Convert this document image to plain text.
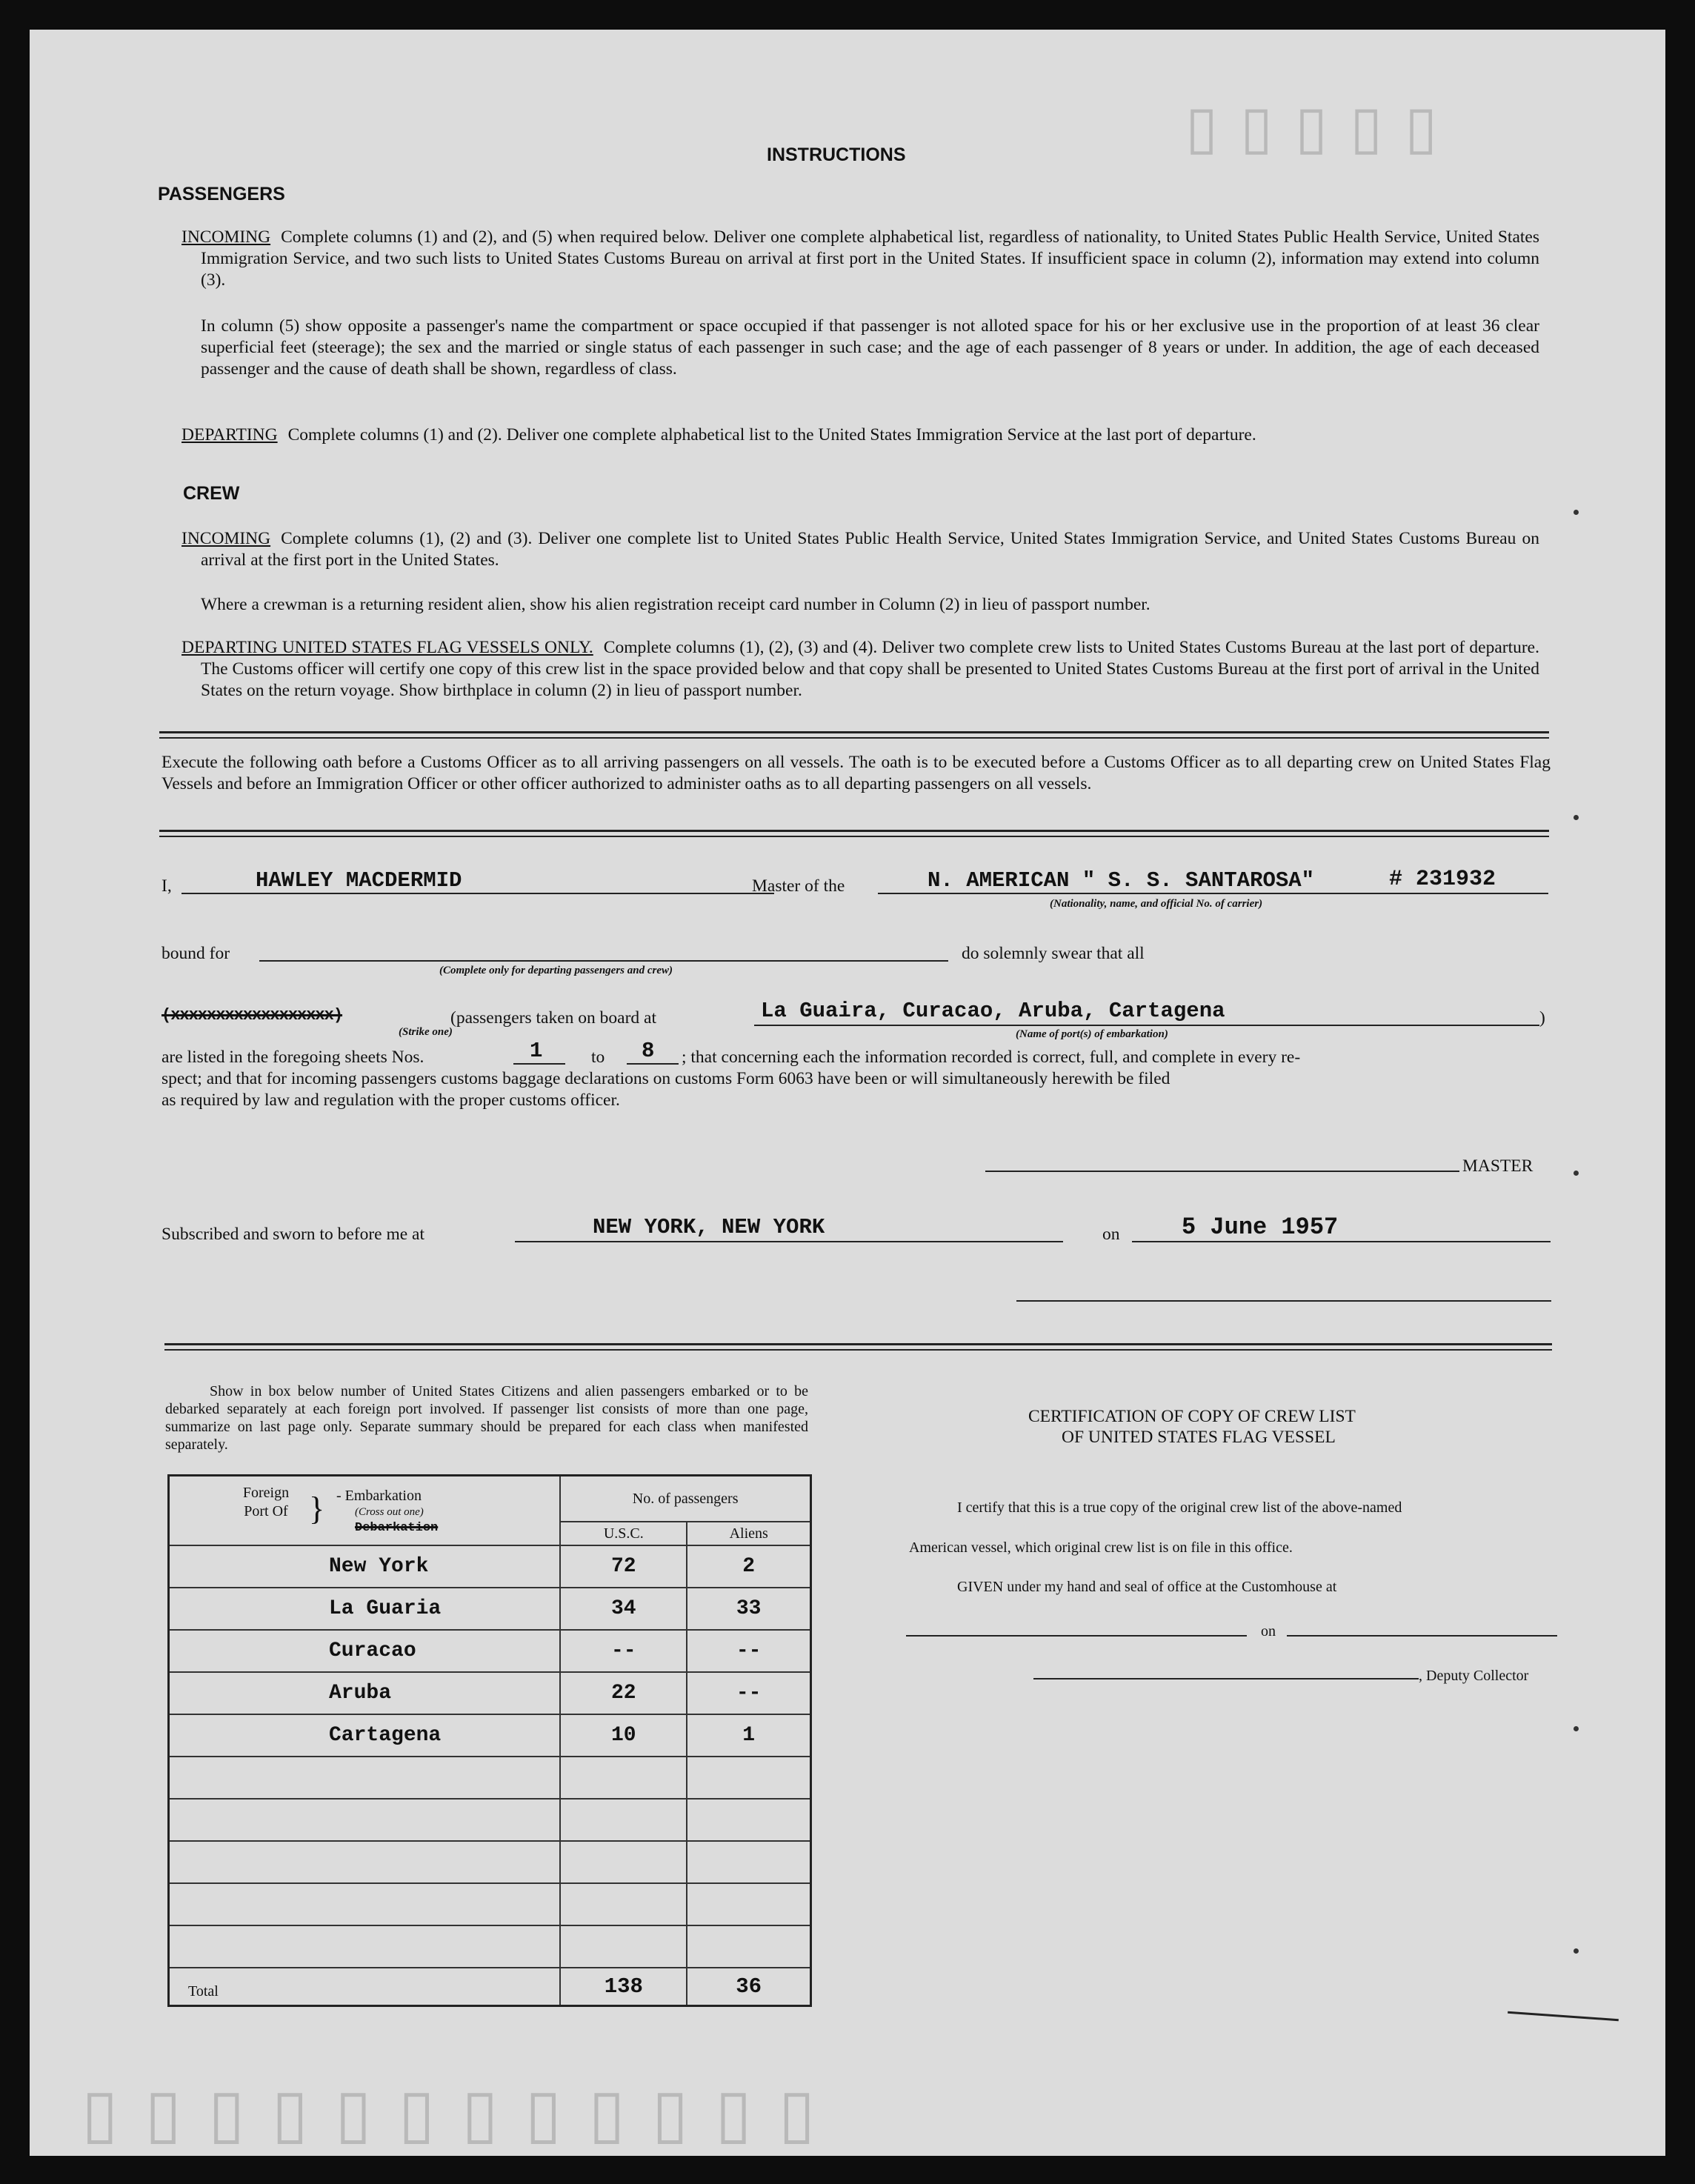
▯▯▯▯▯
▯▯▯▯▯▯▯▯▯▯▯▯
INSTRUCTIONS
PASSENGERS
INCOMING Complete columns (1) and (2), and (5) when required below. Deliver one complete alphabetical list, regardless of nationality, to United States Public Health Service, United States Immigration Service, and two such lists to United States Customs Bureau on arrival at first port in the United States. If insufficient space in column (2), information may extend into column (3).
In column (5) show opposite a passenger's name the compartment or space occupied if that passenger is not alloted space for his or her exclusive use in the proportion of at least 36 clear superficial feet (steerage); the sex and the married or single status of each passenger in such case; and the age of each passenger of 8 years or under. In addition, the age of each deceased passenger and the cause of death shall be shown, regardless of class.
DEPARTING Complete columns (1) and (2). Deliver one complete alphabetical list to the United States Immigration Service at the last port of departure.
CREW
INCOMING Complete columns (1), (2) and (3). Deliver one complete list to United States Public Health Service, United States Immigration Service, and United States Customs Bureau on arrival at the first port in the United States.
Where a crewman is a returning resident alien, show his alien registration receipt card number in Column (2) in lieu of passport number.
DEPARTING UNITED STATES FLAG VESSELS ONLY. Complete columns (1), (2), (3) and (4). Deliver two complete crew lists to United States Customs Bureau at the last port of departure. The Customs officer will certify one copy of this crew list in the space provided below and that copy shall be presented to United States Customs Bureau at the first port of arrival in the United States on the return voyage. Show birthplace in column (2) in lieu of passport number.
Execute the following oath before a Customs Officer as to all arriving passengers on all vessels. The oath is to be executed before a Customs Officer as to all departing crew on United States Flag Vessels and before an Immigration Officer or other officer authorized to administer oaths as to all departing passengers on all vessels.
I,	HAWLEY MACDERMID	Master of the	N. AMERICAN " S. S. SANTAROSA"	# 231932
(Nationality, name, and official No. of carrier)
bound for
(Complete only for departing passengers and crew)
do solemnly swear that all
(xxxxxxxxxxxxxxxxxx)
(Strike one)
(passengers taken on board at	La Guaira, Curacao, Aruba, Cartagena	)
(Name of port(s) of embarkation)
are listed in the foregoing sheets Nos.	1	to 8 ; that concerning each the information recorded is correct, full, and complete in every re-
spect; and that for incoming passengers customs baggage declarations on customs Form 6063 have been or will simultaneously herewith be filed
as required by law and regulation with the proper customs officer.
MASTER
Subscribed and sworn to before me at	NEW YORK, NEW YORK	on	5 June 1957
Show in box below number of United States Citizens and alien passengers embarked or to be debarked separately at each foreign port involved. If passenger list consists of more than one page, summarize on last page only. Separate summary should be prepared for each class when manifested separately.
Foreign Port Of } - Embarkation
(Cross out one)
Debarkation	No. of passengers	
	U.S.C.	Aliens
New York	72	2
La Guaria	34	33
Curacao	--	--
Aruba	22	--
Cartagena	10	1

Total	138	36
CERTIFICATION OF COPY OF CREW LIST
OF UNITED STATES FLAG VESSEL
I certify that this is a true copy of the original crew list of the above-named
American vessel, which original crew list is on file in this office.
GIVEN under my hand and seal of office at the Customhouse at
on
, Deputy Collector
